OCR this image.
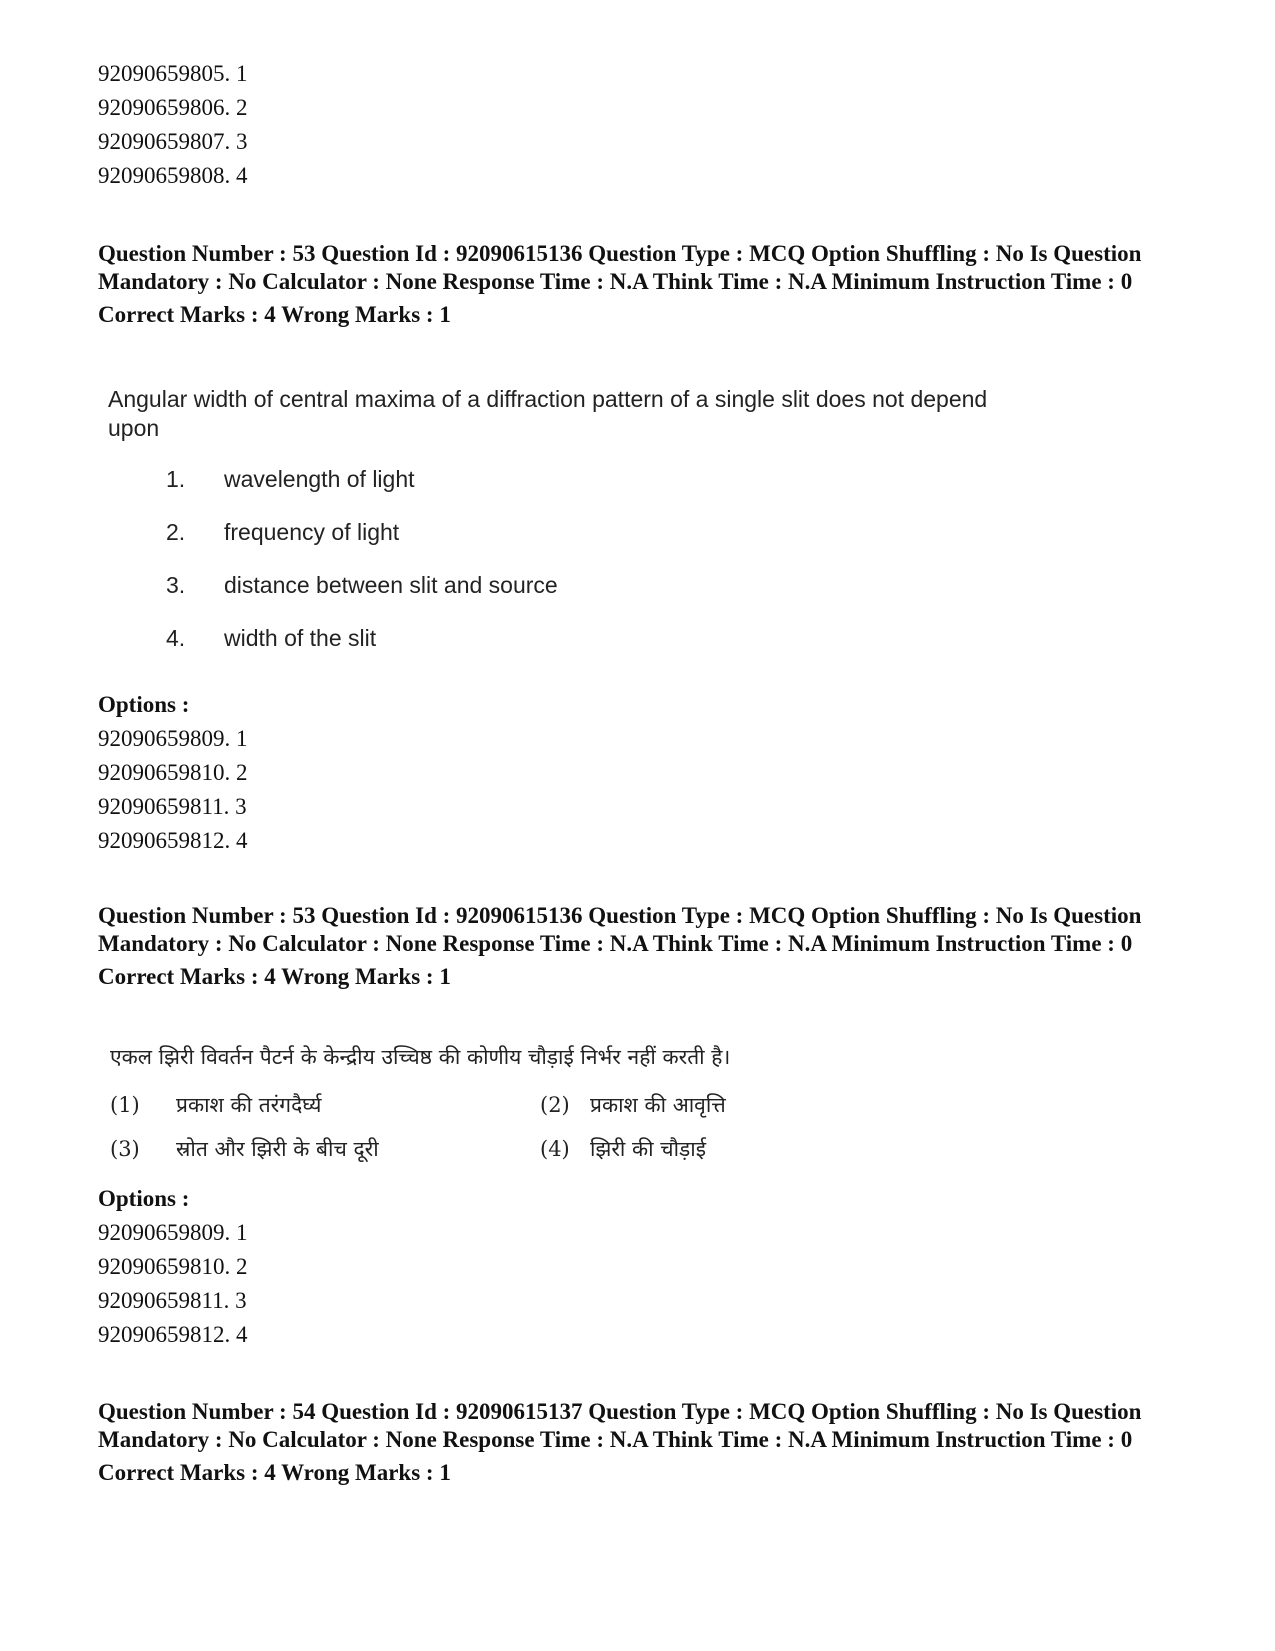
92090659805. 1
92090659806. 2
92090659807. 3
92090659808. 4
Question Number : 53 Question Id : 92090615136 Question Type : MCQ Option Shuffling : No Is Question Mandatory : No Calculator : None Response Time : N.A Think Time : N.A Minimum Instruction Time : 0
Correct Marks : 4 Wrong Marks : 1
Angular width of central maxima of a diffraction pattern of a single slit does not depend upon
1.	wavelength of light
2.	frequency of light
3.	distance between slit and source
4.	width of the slit
Options :
92090659809. 1
92090659810. 2
92090659811. 3
92090659812. 4
Question Number : 53 Question Id : 92090615136 Question Type : MCQ Option Shuffling : No Is Question Mandatory : No Calculator : None Response Time : N.A Think Time : N.A Minimum Instruction Time : 0
Correct Marks : 4 Wrong Marks : 1
एकल झिरी विवर्तन पैटर्न के केन्द्रीय उच्चिष्ठ की कोणीय चौड़ाई निर्भर नहीं करती है।
(1)	प्रकाश की तरंगदैर्घ्य	(2) प्रकाश की आवृत्ति
(3)	स्रोत और झिरी के बीच दूरी	(4) झिरी की चौड़ाई
Options :
92090659809. 1
92090659810. 2
92090659811. 3
92090659812. 4
Question Number : 54 Question Id : 92090615137 Question Type : MCQ Option Shuffling : No Is Question Mandatory : No Calculator : None Response Time : N.A Think Time : N.A Minimum Instruction Time : 0
Correct Marks : 4 Wrong Marks : 1
